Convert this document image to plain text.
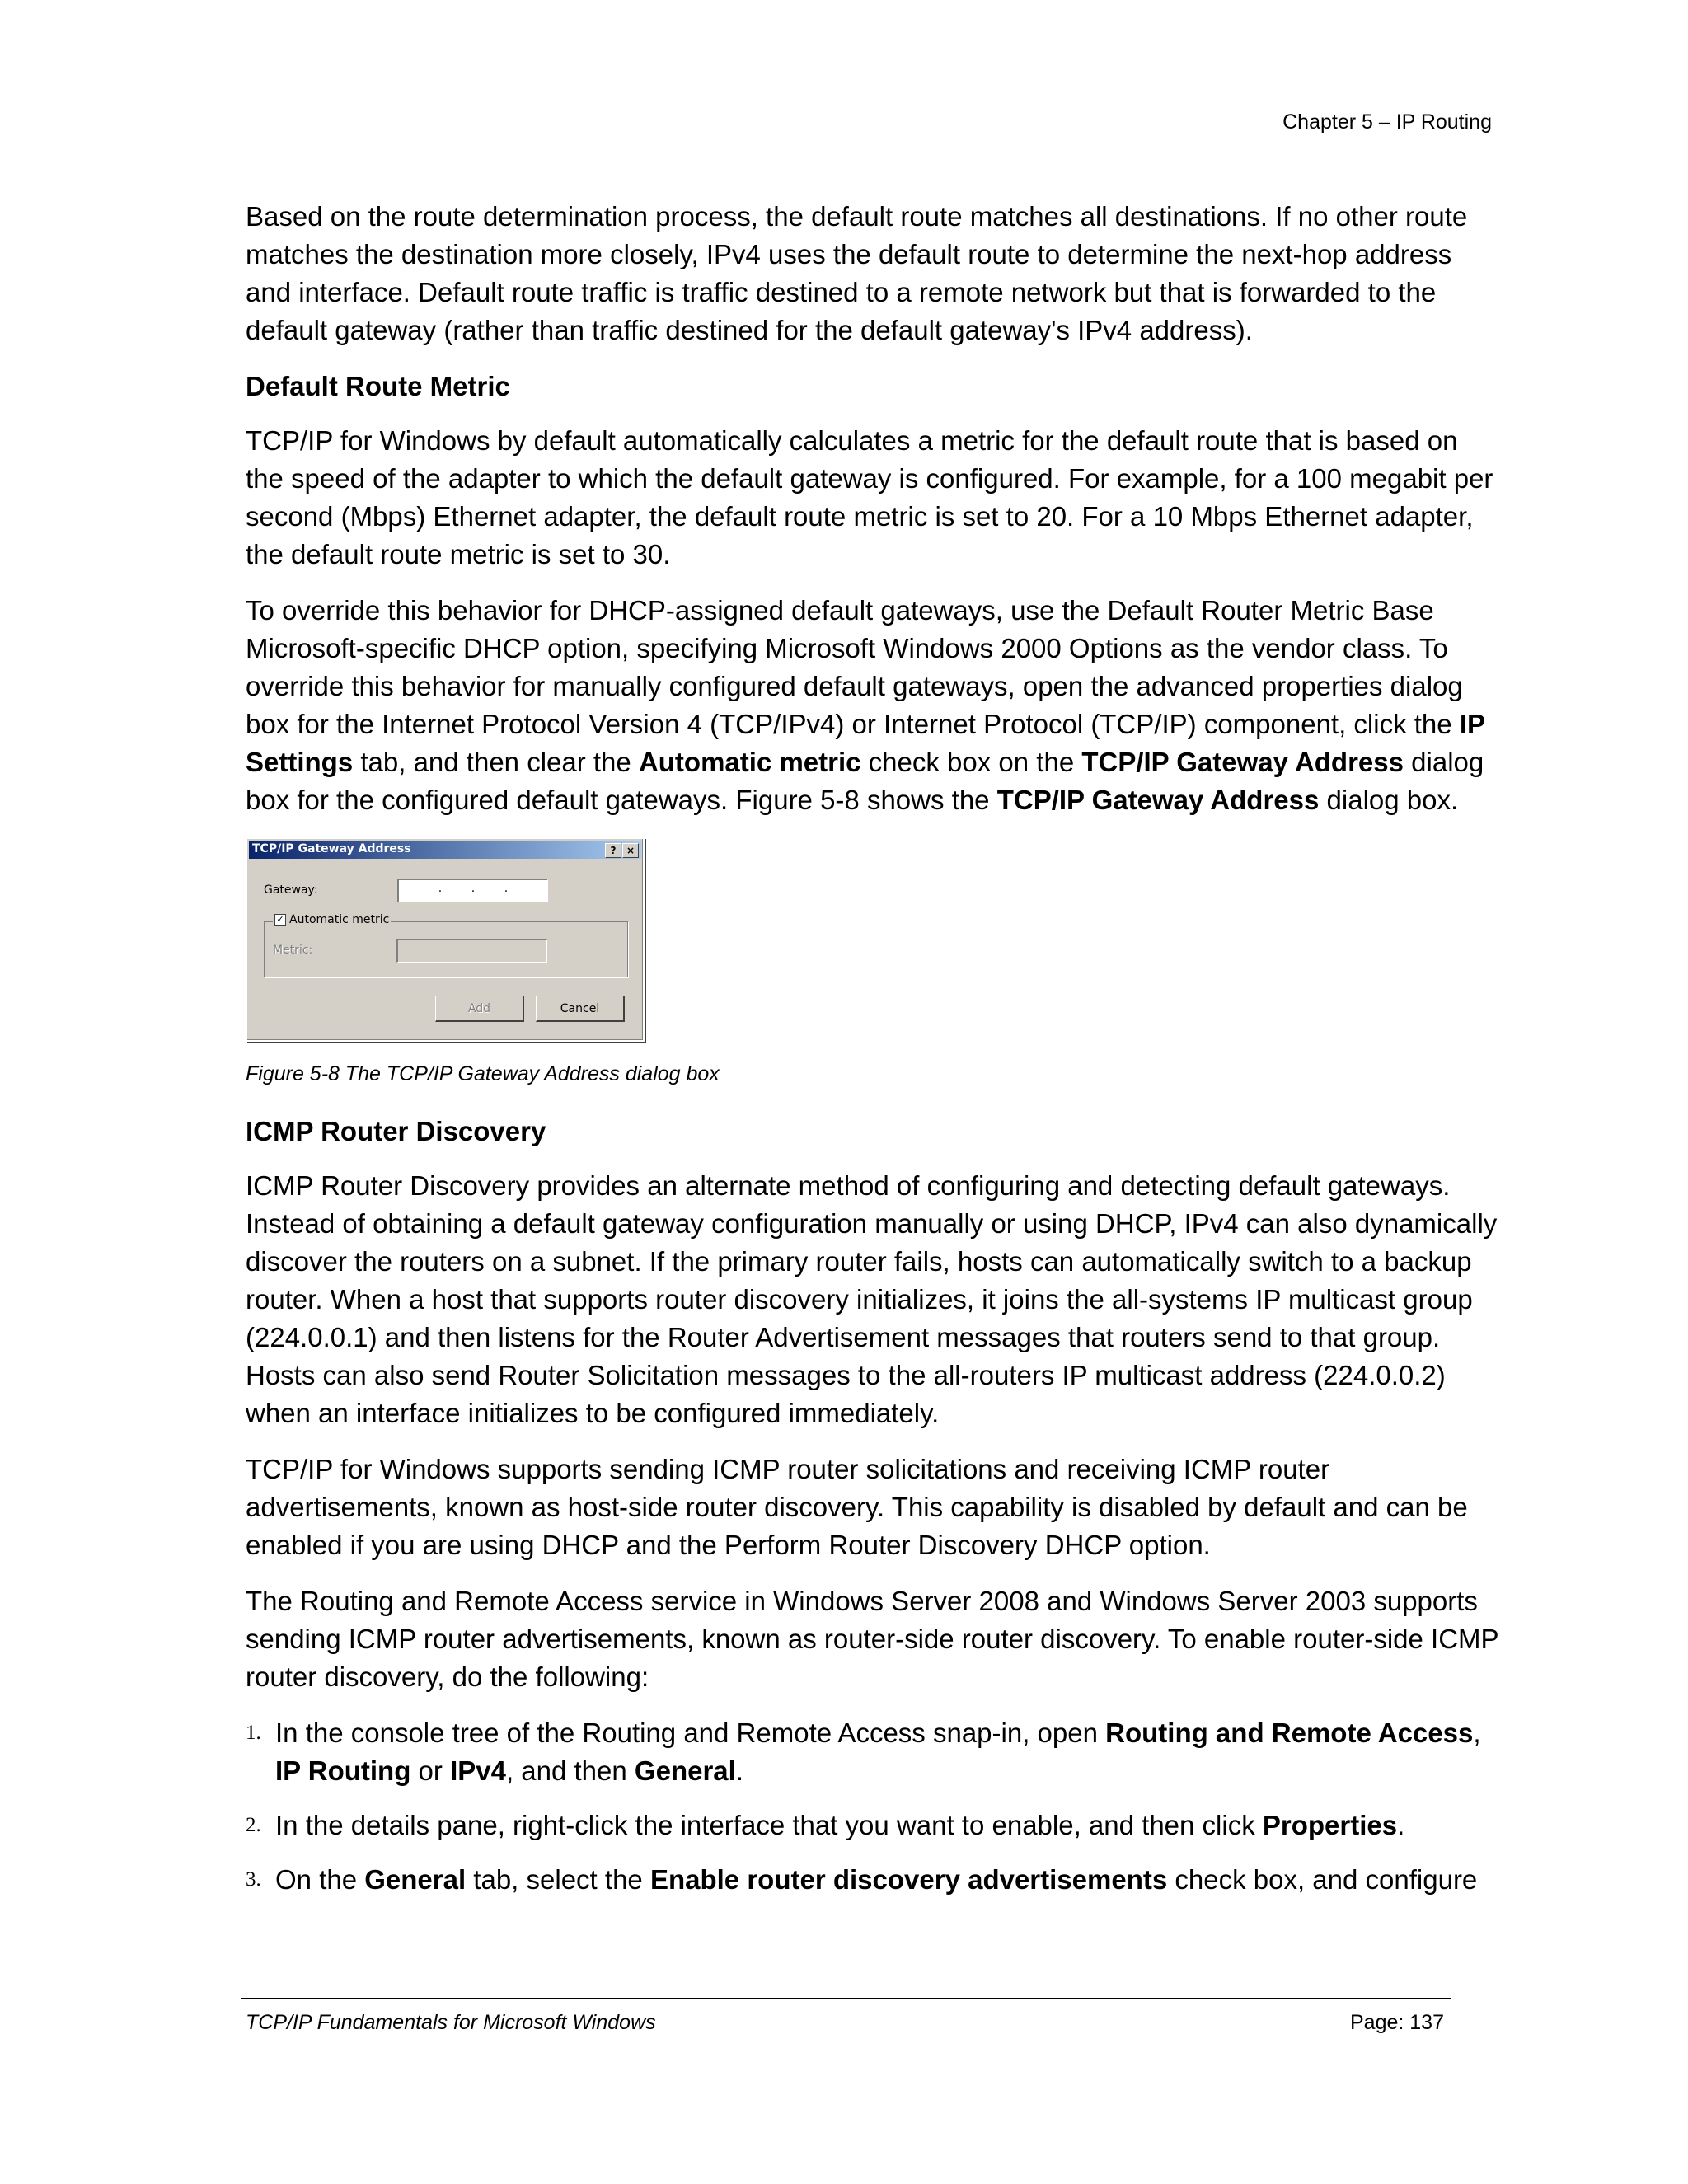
Chapter 5 – IP Routing

Based on the route determination process, the default route matches all destinations. If no other route matches the destination more closely, IPv4 uses the default route to determine the next-hop address and interface. Default route traffic is traffic destined to a remote network but that is forwarded to the default gateway (rather than traffic destined for the default gateway's IPv4 address).

Default Route Metric

TCP/IP for Windows by default automatically calculates a metric for the default route that is based on the speed of the adapter to which the default gateway is configured. For example, for a 100 megabit per second (Mbps) Ethernet adapter, the default route metric is set to 20. For a 10 Mbps Ethernet adapter, the default route metric is set to 30.

To override this behavior for DHCP-assigned default gateways, use the Default Router Metric Base Microsoft-specific DHCP option, specifying Microsoft Windows 2000 Options as the vendor class. To override this behavior for manually configured default gateways, open the advanced properties dialog box for the Internet Protocol Version 4 (TCP/IPv4) or Internet Protocol (TCP/IP) component, click the IP Settings tab, and then clear the Automatic metric check box on the TCP/IP Gateway Address dialog box for the configured default gateways. Figure 5-8 shows the TCP/IP Gateway Address dialog box.

TCP/IP Gateway Address	?	×
Gateway:	.	.	.
✓ Automatic metric
Metric:
Add	Cancel
Figure 5-8 The TCP/IP Gateway Address dialog box
ICMP Router Discovery

ICMP Router Discovery provides an alternate method of configuring and detecting default gateways. Instead of obtaining a default gateway configuration manually or using DHCP, IPv4 can also dynamically discover the routers on a subnet. If the primary router fails, hosts can automatically switch to a backup router. When a host that supports router discovery initializes, it joins the all-systems IP multicast group (224.0.0.1) and then listens for the Router Advertisement messages that routers send to that group. Hosts can also send Router Solicitation messages to the all-routers IP multicast address (224.0.0.2) when an interface initializes to be configured immediately.

TCP/IP for Windows supports sending ICMP router solicitations and receiving ICMP router advertisements, known as host-side router discovery. This capability is disabled by default and can be enabled if you are using DHCP and the Perform Router Discovery DHCP option.

The Routing and Remote Access service in Windows Server 2008 and Windows Server 2003 supports sending ICMP router advertisements, known as router-side router discovery. To enable router-side ICMP router discovery, do the following:

1. In the console tree of the Routing and Remote Access snap-in, open Routing and Remote Access, IP Routing or IPv4, and then General.
2. In the details pane, right-click the interface that you want to enable, and then click Properties.
3. On the General tab, select the Enable router discovery advertisements check box, and configure
TCP/IP Fundamentals for Microsoft Windows	Page: 137
